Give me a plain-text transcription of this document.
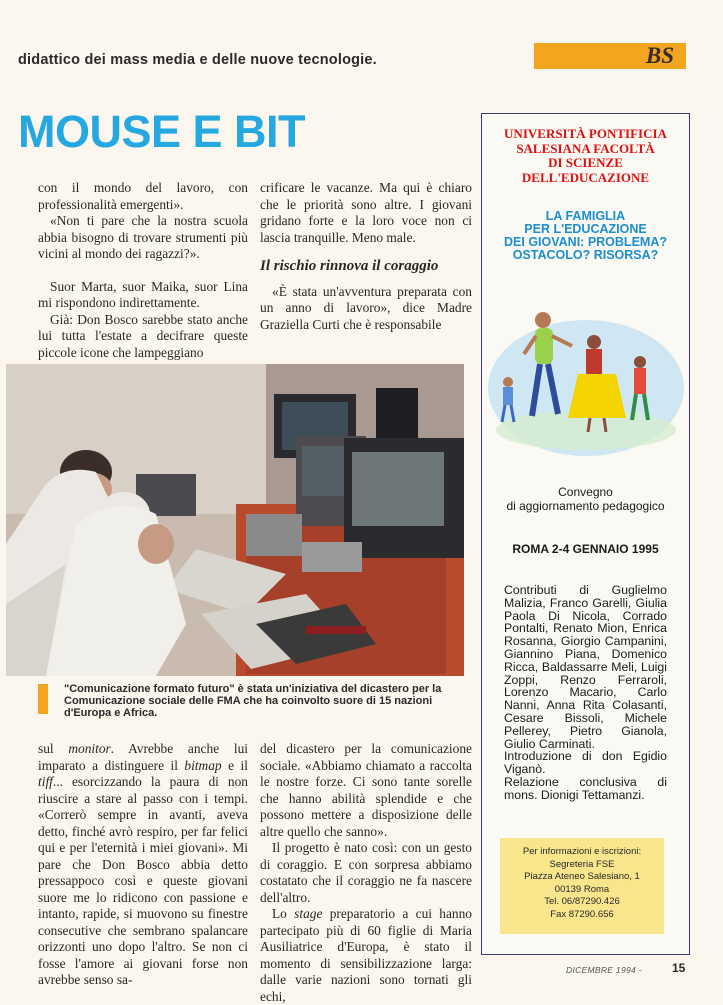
didattico dei mass media e delle nuove tecnologie.	BS
MOUSE E BIT

con il mondo del lavoro, con professionalità emergenti».

«Non ti pare che la nostra scuola abbia bisogno di trovare strumenti più vicini al mondo dei ragazzi?».

Suor Marta, suor Maika, suor Lina mi rispondono indirettamente.

Già: Don Bosco sarebbe stato anche lui tutta l'estate a decifrare queste piccole icone che lampeggiano

crificare le vacanze. Ma qui è chiaro che le priorità sono altre. I giovani gridano forte e la loro voce non ci lascia tranquille. Meno male.

Il rischio rinnova il coraggio

«È stata un'avventura preparata con un anno di lavoro», dice Madre Graziella Curti che è responsabile

"Comunicazione formato futuro" è stata un'iniziativa del dicastero per la Comunicazione sociale delle FMA che ha coinvolto suore di 15 nazioni d'Europa e Africa.

sul monitor. Avrebbe anche lui imparato a distinguere il bitmap e il tiff... esorcizzando la paura di non riuscire a stare al passo con i tempi. «Correrò sempre in avanti, aveva detto, finché avrò respiro, per far felici qui e per l'eternità i miei giovani». Mi pare che Don Bosco abbia detto pressappoco così e queste giovani suore me lo ridicono con passione e intanto, rapide, si muovono su finestre consecutive che sembrano spalancare orizzonti uno dopo l'altro. Se non ci fosse l'amore ai giovani forse non avrebbe senso sa-

del dicastero per la comunicazione sociale. «Abbiamo chiamato a raccolta le nostre forze. Ci sono tante sorelle che hanno abilità splendide e che possono mettere a disposizione delle altre quello che sanno».

Il progetto è nato così: con un gesto di coraggio. E con sorpresa abbiamo costatato che il coraggio ne fa nascere dell'altro.

Lo stage preparatorio a cui hanno partecipato più di 60 figlie di Maria Ausiliatrice d'Europa, è stato il momento di sensibilizzazione larga: dalle varie nazioni sono tornati gli echi,

UNIVERSITÀ PONTIFICIA
SALESIANA FACOLTÀ
DI SCIENZE
DELL'EDUCAZIONE
LA FAMIGLIA
PER L'EDUCAZIONE
DEI GIOVANI: PROBLEMA?
OSTACOLO? RISORSA?
Convegno
di aggiornamento pedagogico
ROMA 2-4 GENNAIO 1995

Contributi di Guglielmo Malizia, Franco Garelli, Giulia Paola Di Nicola, Corrado Pontalti, Renato Mion, Enrica Rosanna, Giorgio Campanini, Giannino Piana, Domenico Ricca, Baldassarre Meli, Luigi Zoppi, Renzo Ferraroli, Lorenzo Macario, Carlo Nanni, Anna Rita Colasanti, Cesare Bissoli, Michele Pellerey, Pietro Gianola, Giulio Carminati.

Introduzione di don Egidio Viganò.

Relazione conclusiva di mons. Dionigi Tettamanzi.

Per informazioni e iscrizioni:
Segreteria FSE
Piazza Ateneo Salesiano, 1
00139 Roma
Tel. 06/87290.426
Fax 87290.656
DICEMBRE 1994 -	15
